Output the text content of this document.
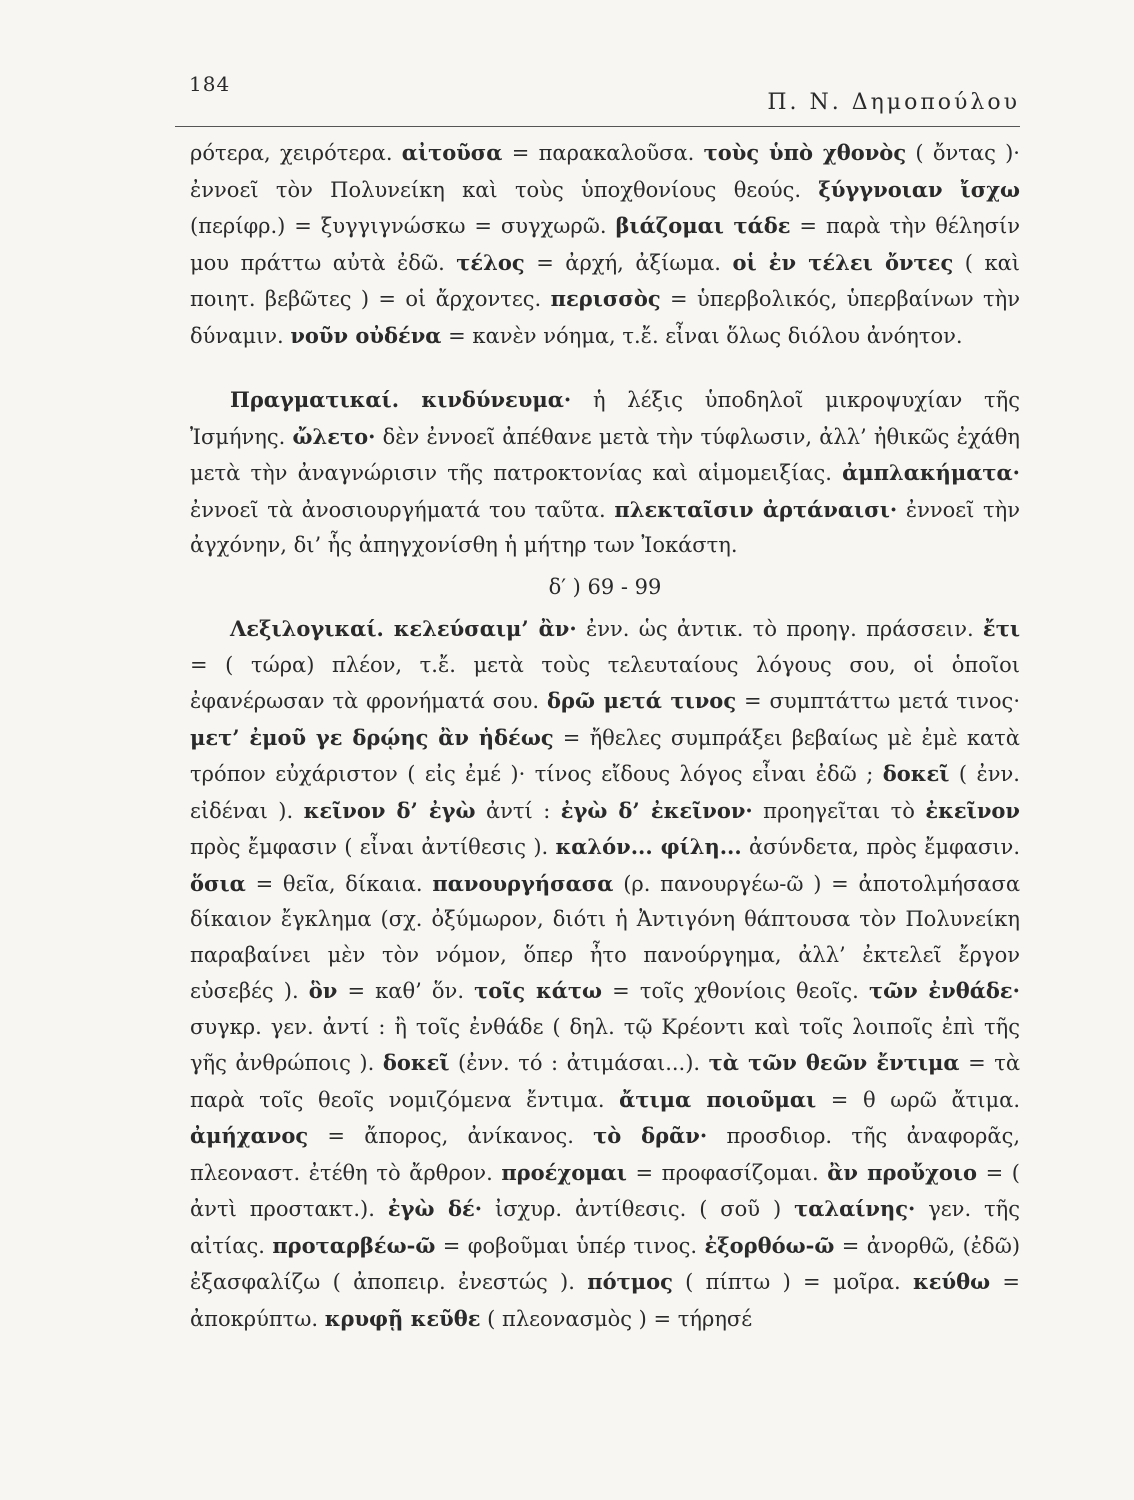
184
Π. Ν. Δημοπούλου

ρότερα, χειρότερα. αἰτοῦσα = παρακαλοῦσα. τοὺς ὑπὸ χθονὸς ( ὄντας )· ἐννοεῖ τὸν Πολυνείκη καὶ τοὺς ὑποχθονίους θεούς. ξύγγνοιαν ἴσχω (περίφρ.) = ξυγγιγνώσκω = συγχωρῶ. βιάζομαι τάδε = παρὰ τὴν θέλησίν μου πράττω αὐτὰ ἐδῶ. τέλος = ἀρχή, ἀξίωμα. οἱ ἐν τέλει ὄντες ( καὶ ποιητ. βεβῶτες ) = οἱ ἄρχοντες. περισσὸς = ὑπερβολικός, ὑπερβαίνων τὴν δύναμιν. νοῦν οὐδένα = κανὲν νόημα, τ.ἔ. εἶναι ὅλως διόλου ἀνόητον.

Πραγματικαί. κινδύνευμα· ἡ λέξις ὑποδηλοῖ μικροψυχίαν τῆς Ἰσμήνης. ὤλετο· δὲν ἐννοεῖ ἀπέθανε μετὰ τὴν τύφλωσιν, ἀλλ’ ἠθικῶς ἐχάθη μετὰ τὴν ἀναγνώρισιν τῆς πατροκτονίας καὶ αἱμομειξίας. ἀμπλακήματα· ἐννοεῖ τὰ ἀνοσιουργήματά του ταῦτα. πλεκταῖσιν ἀρτάναισι· ἐννοεῖ τὴν ἀγχόνην, δι’ ἧς ἀπηγχονίσθη ἡ μήτηρ των Ἰοκάστη.

δ′ ) 69 - 99

Λεξιλογικαί. κελεύσαιμ’ ἂν· ἐνν. ὡς ἀντικ. τὸ προηγ. πράσσειν. ἔτι = ( τώρα) πλέον, τ.ἔ. μετὰ τοὺς τελευταίους λόγους σου, οἱ ὁποῖοι ἐφανέρωσαν τὰ φρονήματά σου. δρῶ μετά τινος = συμπτάττω μετά τινος· μετ’ ἐμοῦ γε δρῴης ἂν ἡδέως = ἤθελες συμπράξει βεβαίως μὲ ἐμὲ κατὰ τρόπον εὐχάριστον ( εἰς ἐμέ )· τίνος εἴδους λόγος εἶναι ἐδῶ ; δοκεῖ ( ἐνν. εἰδέναι ). κεῖνον δ’ ἐγὼ ἀντί : ἐγὼ δ’ ἐκεῖνον· προηγεῖται τὸ ἐκεῖνον πρὸς ἔμφασιν ( εἶναι ἀντίθεσις ). καλόν... φίλη... ἀσύνδετα, πρὸς ἔμφασιν. ὅσια = θεῖα, δίκαια. πανουργήσασα (ρ. πανουργέω-ῶ ) = ἀποτολμήσασα δίκαιον ἔγκλημα (σχ. ὀξύμωρον, διότι ἡ Ἀντιγόνη θάπτουσα τὸν Πολυνείκη παραβαίνει μὲν τὸν νόμον, ὅπερ ἦτο πανούργημα, ἀλλ’ ἐκτελεῖ ἔργον εὐσεβές ). ὃν = καθ’ ὅν. τοῖς κάτω = τοῖς χθονίοις θεοῖς. τῶν ἐνθάδε· συγκρ. γεν. ἀντί : ἢ τοῖς ἐνθάδε ( δηλ. τῷ Κρέοντι καὶ τοῖς λοιποῖς ἐπὶ τῆς γῆς ἀνθρώποις ). δοκεῖ (ἐνν. τό : ἀτιμάσαι...). τὰ τῶν θεῶν ἔντιμα = τὰ παρὰ τοῖς θεοῖς νομιζόμενα ἔντιμα. ἄτιμα ποιοῦμαι = θ ωρῶ ἄτιμα. ἀμήχανος = ἄπορος, ἀνίκανος. τὸ δρᾶν· προσδιορ. τῆς ἀναφορᾶς, πλεοναστ. ἐτέθη τὸ ἄρθρον. προέχομαι = προφασίζομαι. ἂν προὔχοιο = ( ἀντὶ προστακτ.). ἐγὼ δέ· ἰσχυρ. ἀντίθεσις. ( σοῦ ) ταλαίνης· γεν. τῆς αἰτίας. προταρβέω-ῶ = φοβοῦμαι ὑπέρ τινος. ἐξορθόω-ῶ = ἀνορθῶ, (ἐδῶ) ἐξασφαλίζω ( ἀποπειρ. ἐνεστώς ). πότμος ( πίπτω ) = μοῖρα. κεύθω = ἀποκρύπτω. κρυφῇ κεῦθε ( πλεονασμὸς ) = τήρησέ
